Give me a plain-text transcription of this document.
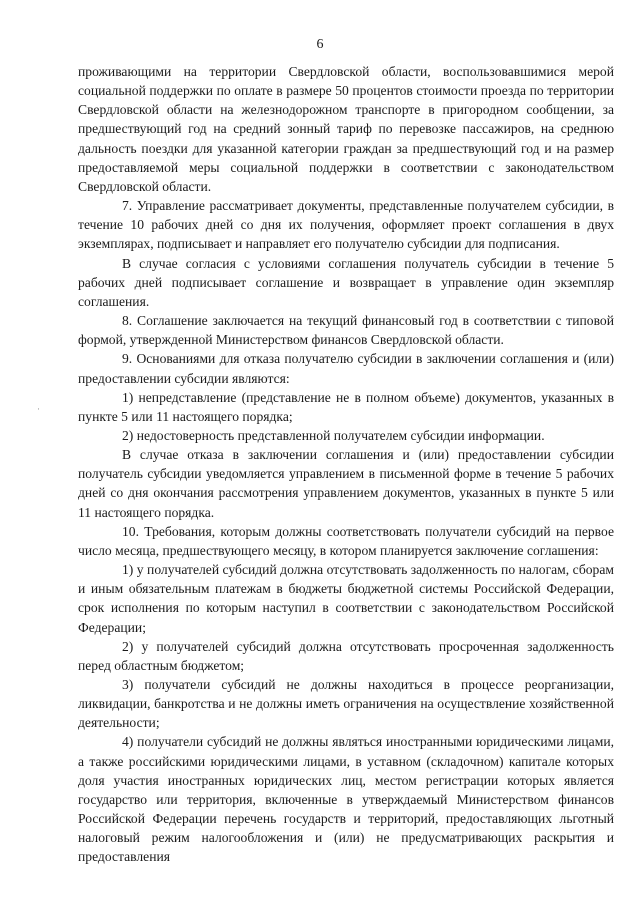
6
·

проживающими на территории Свердловской области, воспользовавшимися мерой социальной поддержки по оплате в размере 50 процентов стоимости проезда по территории Свердловской области на железнодорожном транспорте в пригородном сообщении, за предшествующий год на средний зонный тариф по перевозке пассажиров, на среднюю дальность поездки для указанной категории граждан за предшествующий год и на размер предоставляемой меры социальной поддержки в соответствии с законодательством Свердловской области.

7. Управление рассматривает документы, представленные получателем субсидии, в течение 10 рабочих дней со дня их получения, оформляет проект соглашения в двух экземплярах, подписывает и направляет его получателю субсидии для подписания.

В случае согласия с условиями соглашения получатель субсидии в течение 5 рабочих дней подписывает соглашение и возвращает в управление один экземпляр соглашения.

8. Соглашение заключается на текущий финансовый год в соответствии с типовой формой, утвержденной Министерством финансов Свердловской области.

9. Основаниями для отказа получателю субсидии в заключении соглашения и (или) предоставлении субсидии являются:

1) непредставление (представление не в полном объеме) документов, указанных в пункте 5 или 11 настоящего порядка;

2) недостоверность представленной получателем субсидии информации.

В случае отказа в заключении соглашения и (или) предоставлении субсидии получатель субсидии уведомляется управлением в письменной форме в течение 5 рабочих дней со дня окончания рассмотрения управлением документов, указанных в пункте 5 или 11 настоящего порядка.

10. Требования, которым должны соответствовать получатели субсидий на первое число месяца, предшествующего месяцу, в котором планируется заключение соглашения:

1) у получателей субсидий должна отсутствовать задолженность по налогам, сборам и иным обязательным платежам в бюджеты бюджетной системы Российской Федерации, срок исполнения по которым наступил в соответствии с законодательством Российской Федерации;

2) у получателей субсидий должна отсутствовать просроченная задолженность перед областным бюджетом;

3) получатели субсидий не должны находиться в процессе реорганизации, ликвидации, банкротства и не должны иметь ограничения на осуществление хозяйственной деятельности;

4) получатели субсидий не должны являться иностранными юридическими лицами, а также российскими юридическими лицами, в уставном (складочном) капитале которых доля участия иностранных юридических лиц, местом регистрации которых является государство или территория, включенные в утверждаемый Министерством финансов Российской Федерации перечень государств и территорий, предоставляющих льготный налоговый режим налогообложения и (или) не предусматривающих раскрытия и предоставления
